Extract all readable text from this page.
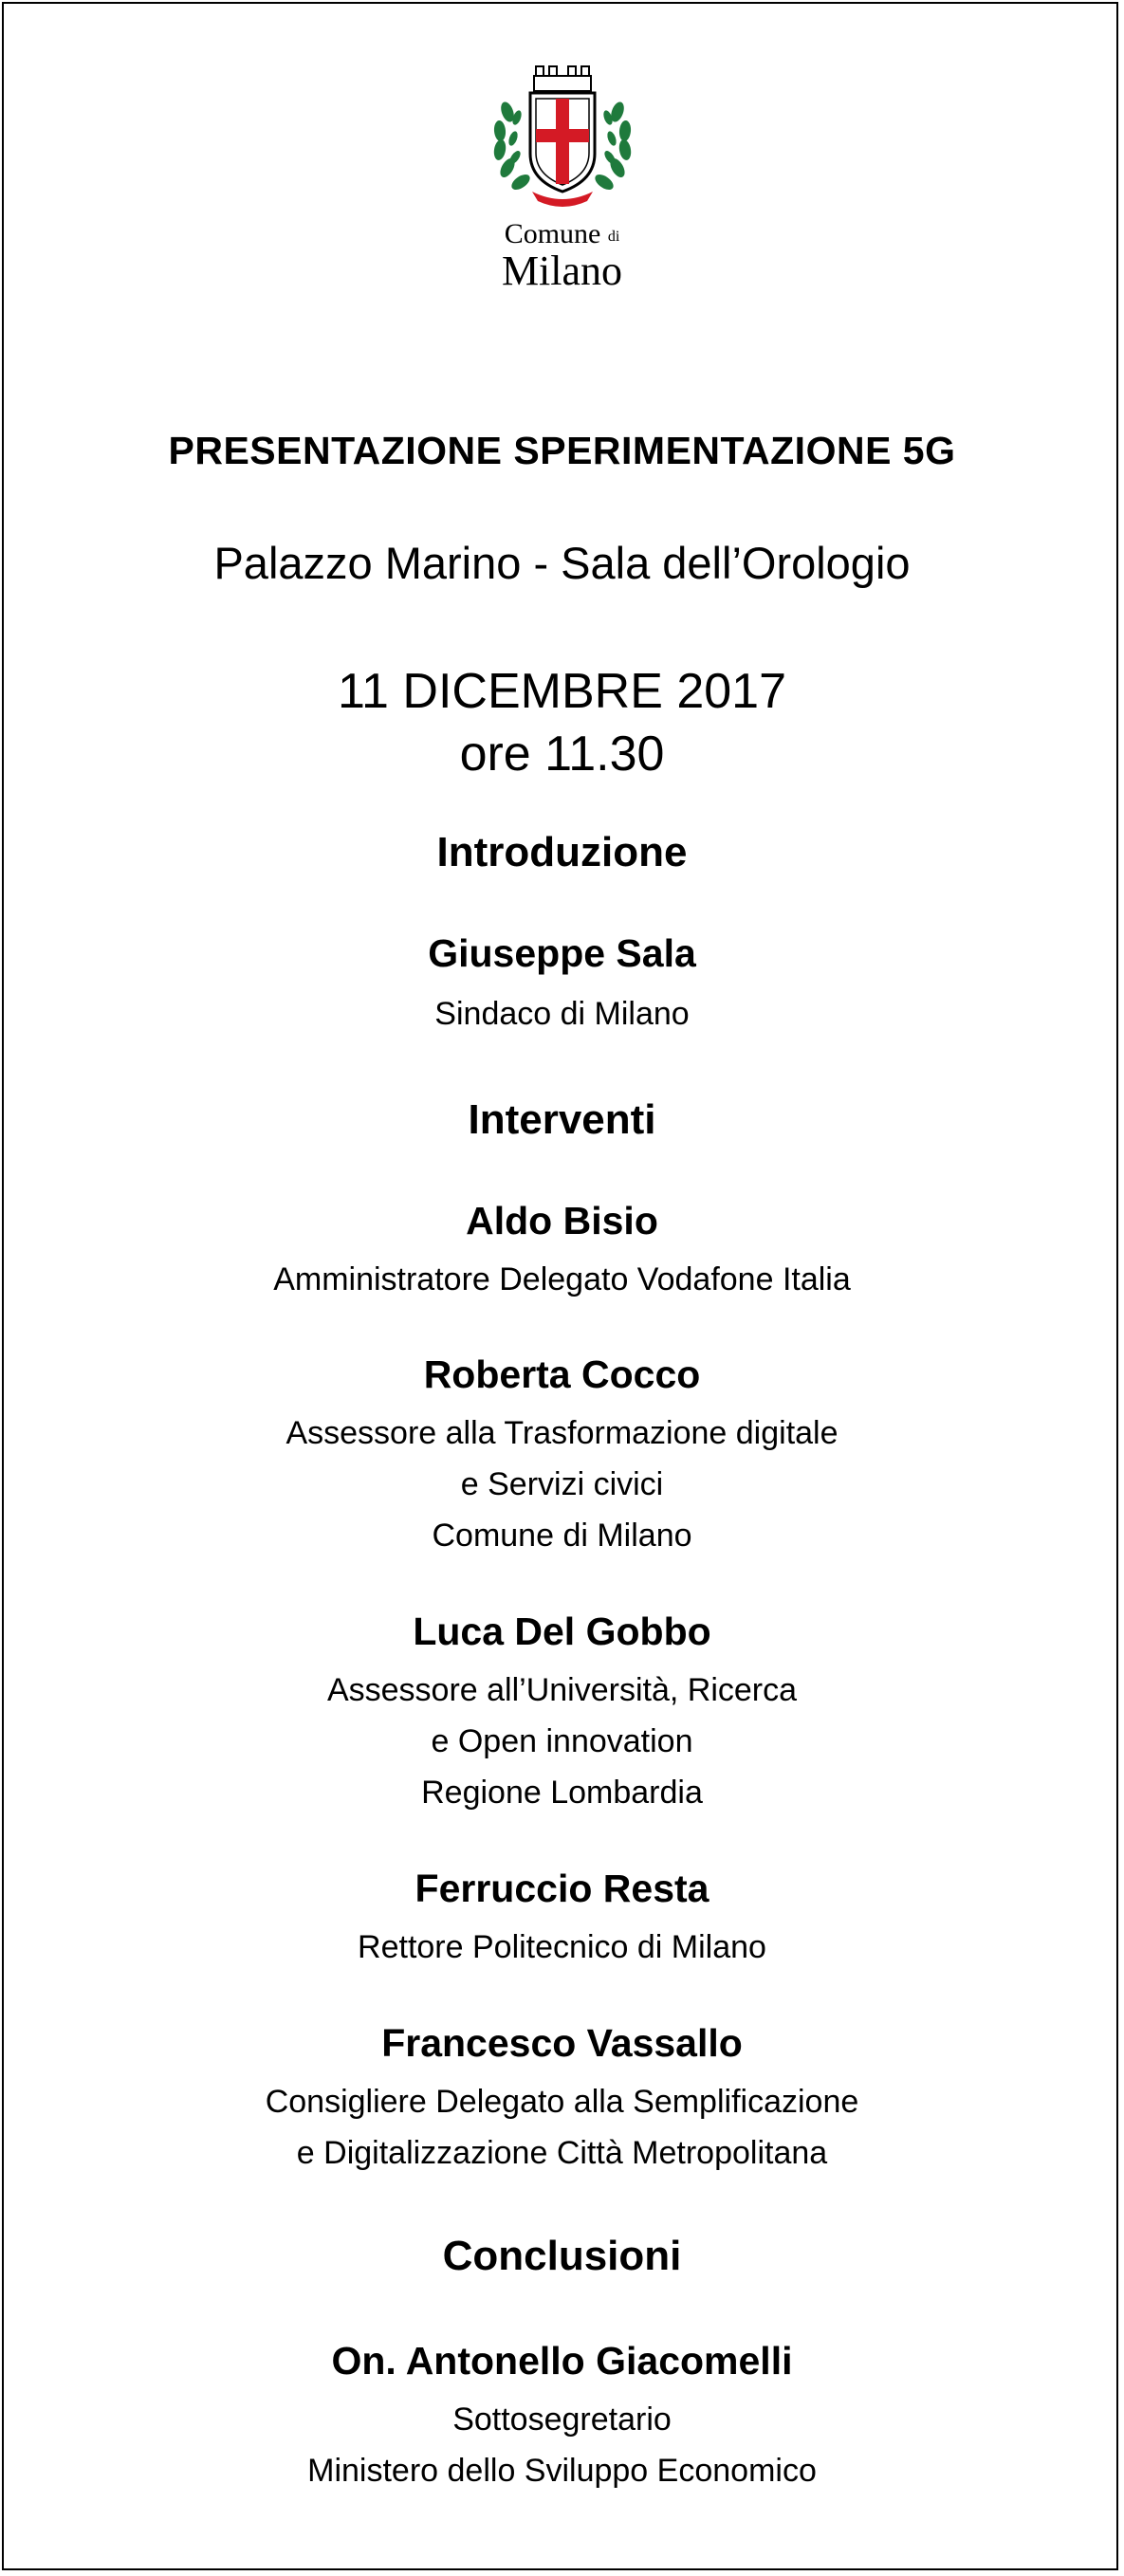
Comune di
Milano
PRESENTAZIONE SPERIMENTAZIONE 5G
Palazzo Marino - Sala dell’Orologio
11 DICEMBRE 2017
ore 11.30
Introduzione
Giuseppe Sala
Sindaco di Milano
Interventi
Aldo Bisio
Amministratore Delegato Vodafone Italia
Roberta Cocco
Assessore alla Trasformazione digitale
e Servizi civici
Comune di Milano
Luca Del Gobbo
Assessore all’Università, Ricerca
e Open innovation
Regione Lombardia
Ferruccio Resta
Rettore Politecnico di Milano
Francesco Vassallo
Consigliere Delegato alla Semplificazione
e Digitalizzazione Città Metropolitana
Conclusioni
On. Antonello Giacomelli
Sottosegretario
Ministero dello Sviluppo Economico
